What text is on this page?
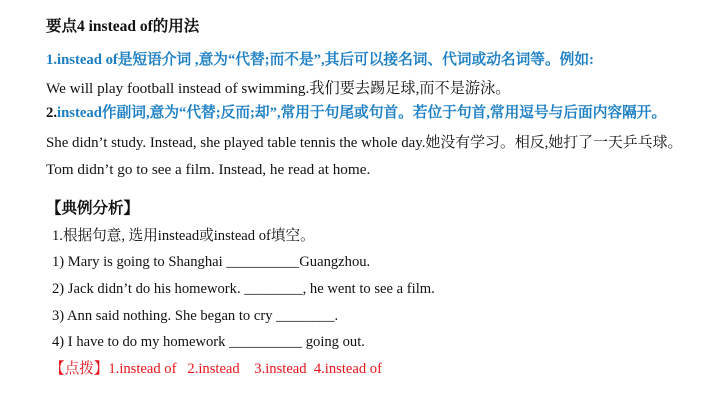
要点4 instead of的用法
1.instead of是短语介词 ,意为“代替;而不是”,其后可以接名词、代词或动名词等。例如:
We will play football instead of swimming.我们要去踢足球,而不是游泳。
2.instead作副词,意为“代替;反而;却”,常用于句尾或句首。若位于句首,常用逗号与后面内容隔开。
She didn’t study. Instead, she played table tennis the whole day.她没有学习。相反,她打了一天乒乓球。
Tom didn’t go to see a film. Instead, he read at home.
【典例分析】
1.根据句意, 选用instead或instead of填空。
1) Mary is going to Shanghai __________Guangzhou.
2) Jack didn’t do his homework. ________, he went to see a film.
3) Ann said nothing. She began to cry ________.
4) I have to do my homework __________ going out.
【点拨】1.instead of   2.instead    3.instead  4.instead of
